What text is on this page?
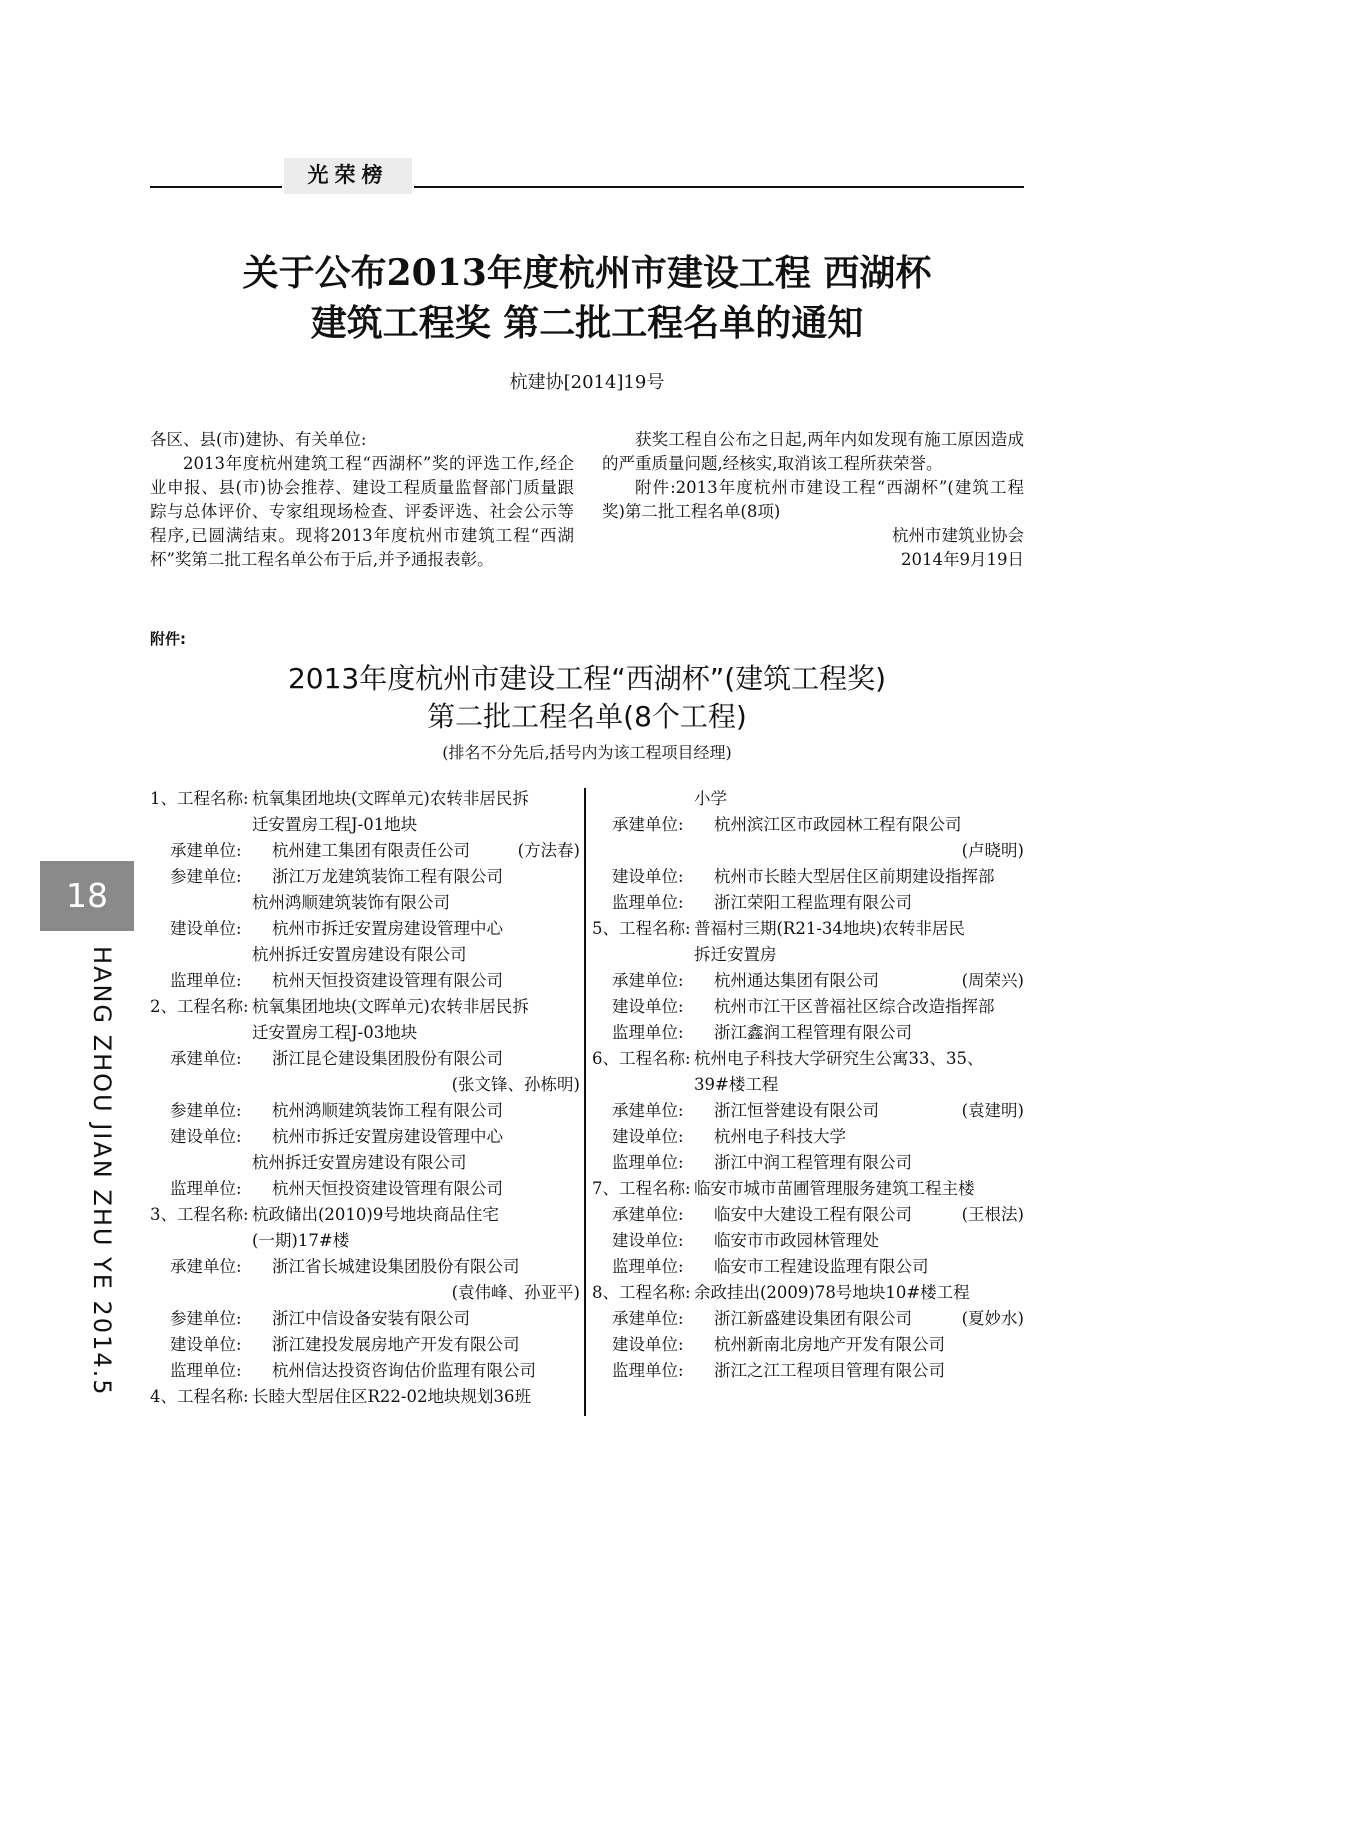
光荣榜
关于公布2013年度杭州市建设工程 西湖杯
建筑工程奖 第二批工程名单的通知
杭建协[2014]19号
各区、县(市)建协、有关单位:
2013年度杭州建筑工程“西湖杯”奖的评选工作,经企业申报、县(市)协会推荐、建设工程质量监督部门质量跟踪与总体评价、专家组现场检查、评委评选、社会公示等程序,已圆满结束。现将2013年度杭州市建筑工程“西湖杯”奖第二批工程名单公布于后,并予通报表彰。
获奖工程自公布之日起,两年内如发现有施工原因造成的严重质量问题,经核实,取消该工程所获荣誉。
附件:2013年度杭州市建设工程“西湖杯”(建筑工程奖)第二批工程名单(8项)
杭州市建筑业协会
2014年9月19日
附件:
2013年度杭州市建设工程“西湖杯”(建筑工程奖)
第二批工程名单(8个工程)
(排名不分先后,括号内为该工程项目经理)
1、工程名称: 杭氧集团地块(文晖单元)农转非居民拆
迁安置房工程J-01地块
承建单位:	杭州建工集团有限责任公司	(方法春)
参建单位:	浙江万龙建筑装饰工程有限公司
杭州鸿顺建筑装饰有限公司
建设单位:	杭州市拆迁安置房建设管理中心
杭州拆迁安置房建设有限公司
监理单位:	杭州天恒投资建设管理有限公司
2、工程名称: 杭氧集团地块(文晖单元)农转非居民拆
迁安置房工程J-03地块
承建单位:	浙江昆仑建设集团股份有限公司
(张文锋、孙栋明)
参建单位:	杭州鸿顺建筑装饰工程有限公司
建设单位:	杭州市拆迁安置房建设管理中心
杭州拆迁安置房建设有限公司
监理单位:	杭州天恒投资建设管理有限公司
3、工程名称: 杭政储出(2010)9号地块商品住宅
(一期)17#楼
承建单位:	浙江省长城建设集团股份有限公司
(袁伟峰、孙亚平)
参建单位:	浙江中信设备安装有限公司
建设单位:	浙江建投发展房地产开发有限公司
监理单位:	杭州信达投资咨询估价监理有限公司
4、工程名称: 长睦大型居住区R22-02地块规划36班
小学
承建单位:	杭州滨江区市政园林工程有限公司
(卢晓明)
建设单位:	杭州市长睦大型居住区前期建设指挥部
监理单位:	浙江荣阳工程监理有限公司
5、工程名称: 普福村三期(R21-34地块)农转非居民
拆迁安置房
承建单位:	杭州通达集团有限公司	(周荣兴)
建设单位:	杭州市江干区普福社区综合改造指挥部
监理单位:	浙江鑫润工程管理有限公司
6、工程名称: 杭州电子科技大学研究生公寓33、35、
39#楼工程
承建单位:	浙江恒誉建设有限公司	(袁建明)
建设单位:	杭州电子科技大学
监理单位:	浙江中润工程管理有限公司
7、工程名称: 临安市城市苗圃管理服务建筑工程主楼
承建单位:	临安中大建设工程有限公司	(王根法)
建设单位:	临安市市政园林管理处
监理单位:	临安市工程建设监理有限公司
8、工程名称: 余政挂出(2009)78号地块10#楼工程
承建单位:	浙江新盛建设集团有限公司	(夏妙水)
建设单位:	杭州新南北房地产开发有限公司
监理单位:	浙江之江工程项目管理有限公司
18
HANG ZHOU JIAN ZHU YE 2014.5
